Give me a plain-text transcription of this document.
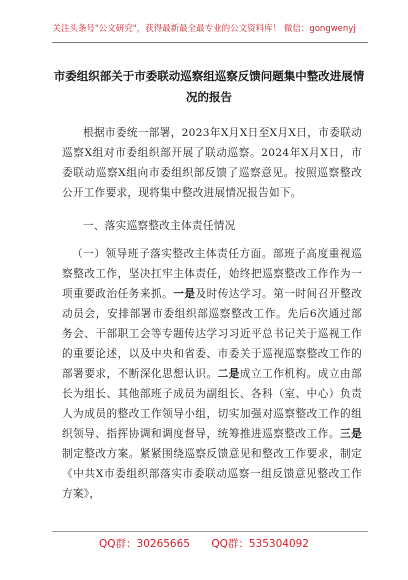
关注头条号"公文研究"，获得最新最全最专业的公文资料库！ 微信：gongwenyj
市委组织部关于市委联动巡察组巡察反馈问题集中整改进展情况的报告
根据市委统一部署，2023年X月X日至X月X日，市委联动巡察X组对市委组织部开展了联动巡察。2024年X月X日，市委联动巡察X组向市委组织部反馈了巡察意见。按照巡察整改公开工作要求，现将集中整改进展情况报告如下。
一、落实巡察整改主体责任情况
（一）领导班子落实整改主体责任方面。部班子高度重视巡察整改工作，坚决扛牢主体责任，始终把巡察整改工作作为一项重要政治任务来抓。一是及时传达学习。第一时间召开整改动员会，安排部署市委组织部巡察整改工作。先后6次通过部务会、干部职工会等专题传达学习习近平总书记关于巡视工作的重要论述，以及中央和省委、市委关于巡视巡察整改工作的部署要求，不断深化思想认识。二是成立工作机构。成立由部长为组长、其他部班子成员为副组长、各科（室、中心）负责人为成员的整改工作领导小组，切实加强对巡察整改工作的组织领导、指挥协调和调度督导，统筹推进巡察整改工作。三是制定整改方案。紧紧围绕巡察反馈意见和整改工作要求，制定《中共X市委组织部落实市委联动巡察一组反馈意见整改工作方案》，
QQ群：30265665 QQ群：535304092
